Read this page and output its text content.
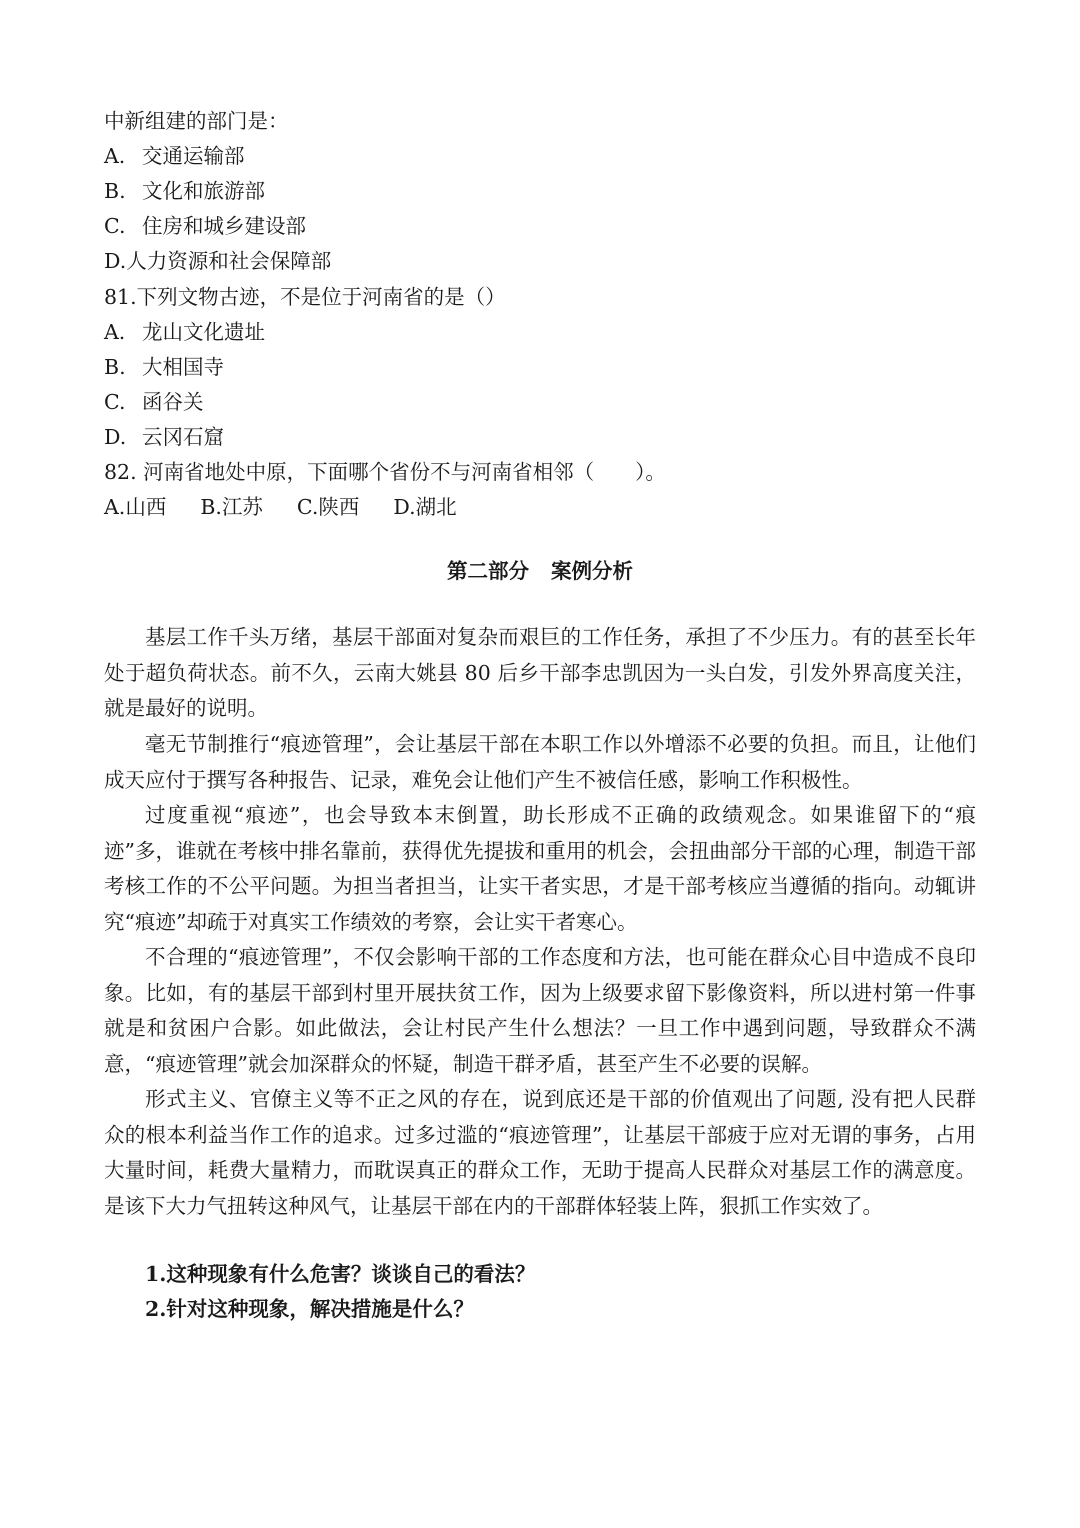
中新组建的部门是：
A. 交通运输部
B. 文化和旅游部
C. 住房和城乡建设部
D.人力资源和社会保障部
81.下列文物古迹，不是位于河南省的是（）
A. 龙山文化遗址
B. 大相国寺
C. 函谷关
D. 云冈石窟
82. 河南省地处中原，下面哪个省份不与河南省相邻（　　）。
A.山西 B.江苏 C.陕西 D.湖北
第二部分 案例分析
基层工作千头万绪，基层干部面对复杂而艰巨的工作任务，承担了不少压力。有的甚至长年处于超负荷状态。前不久，云南大姚县 80 后乡干部李忠凯因为一头白发，引发外界高度关注，就是最好的说明。
毫无节制推行“痕迹管理”，会让基层干部在本职工作以外增添不必要的负担。而且，让他们成天应付于撰写各种报告、记录，难免会让他们产生不被信任感，影响工作积极性。
过度重视“痕迹”，也会导致本末倒置，助长形成不正确的政绩观念。如果谁留下的“痕迹”多，谁就在考核中排名靠前，获得优先提拔和重用的机会，会扭曲部分干部的心理，制造干部考核工作的不公平问题。为担当者担当，让实干者实思，才是干部考核应当遵循的指向。动辄讲究“痕迹”却疏于对真实工作绩效的考察，会让实干者寒心。
不合理的“痕迹管理”，不仅会影响干部的工作态度和方法，也可能在群众心目中造成不良印象。比如，有的基层干部到村里开展扶贫工作，因为上级要求留下影像资料，所以进村第一件事就是和贫困户合影。如此做法，会让村民产生什么想法？一旦工作中遇到问题，导致群众不满意，“痕迹管理”就会加深群众的怀疑，制造干群矛盾，甚至产生不必要的误解。
形式主义、官僚主义等不正之风的存在，说到底还是干部的价值观出了问题, 没有把人民群众的根本利益当作工作的追求。过多过滥的“痕迹管理”，让基层干部疲于应对无谓的事务，占用大量时间，耗费大量精力，而耽误真正的群众工作，无助于提高人民群众对基层工作的满意度。是该下大力气扭转这种风气，让基层干部在内的干部群体轻装上阵，狠抓工作实效了。
1.这种现象有什么危害？谈谈自己的看法？
2.针对这种现象，解决措施是什么？
